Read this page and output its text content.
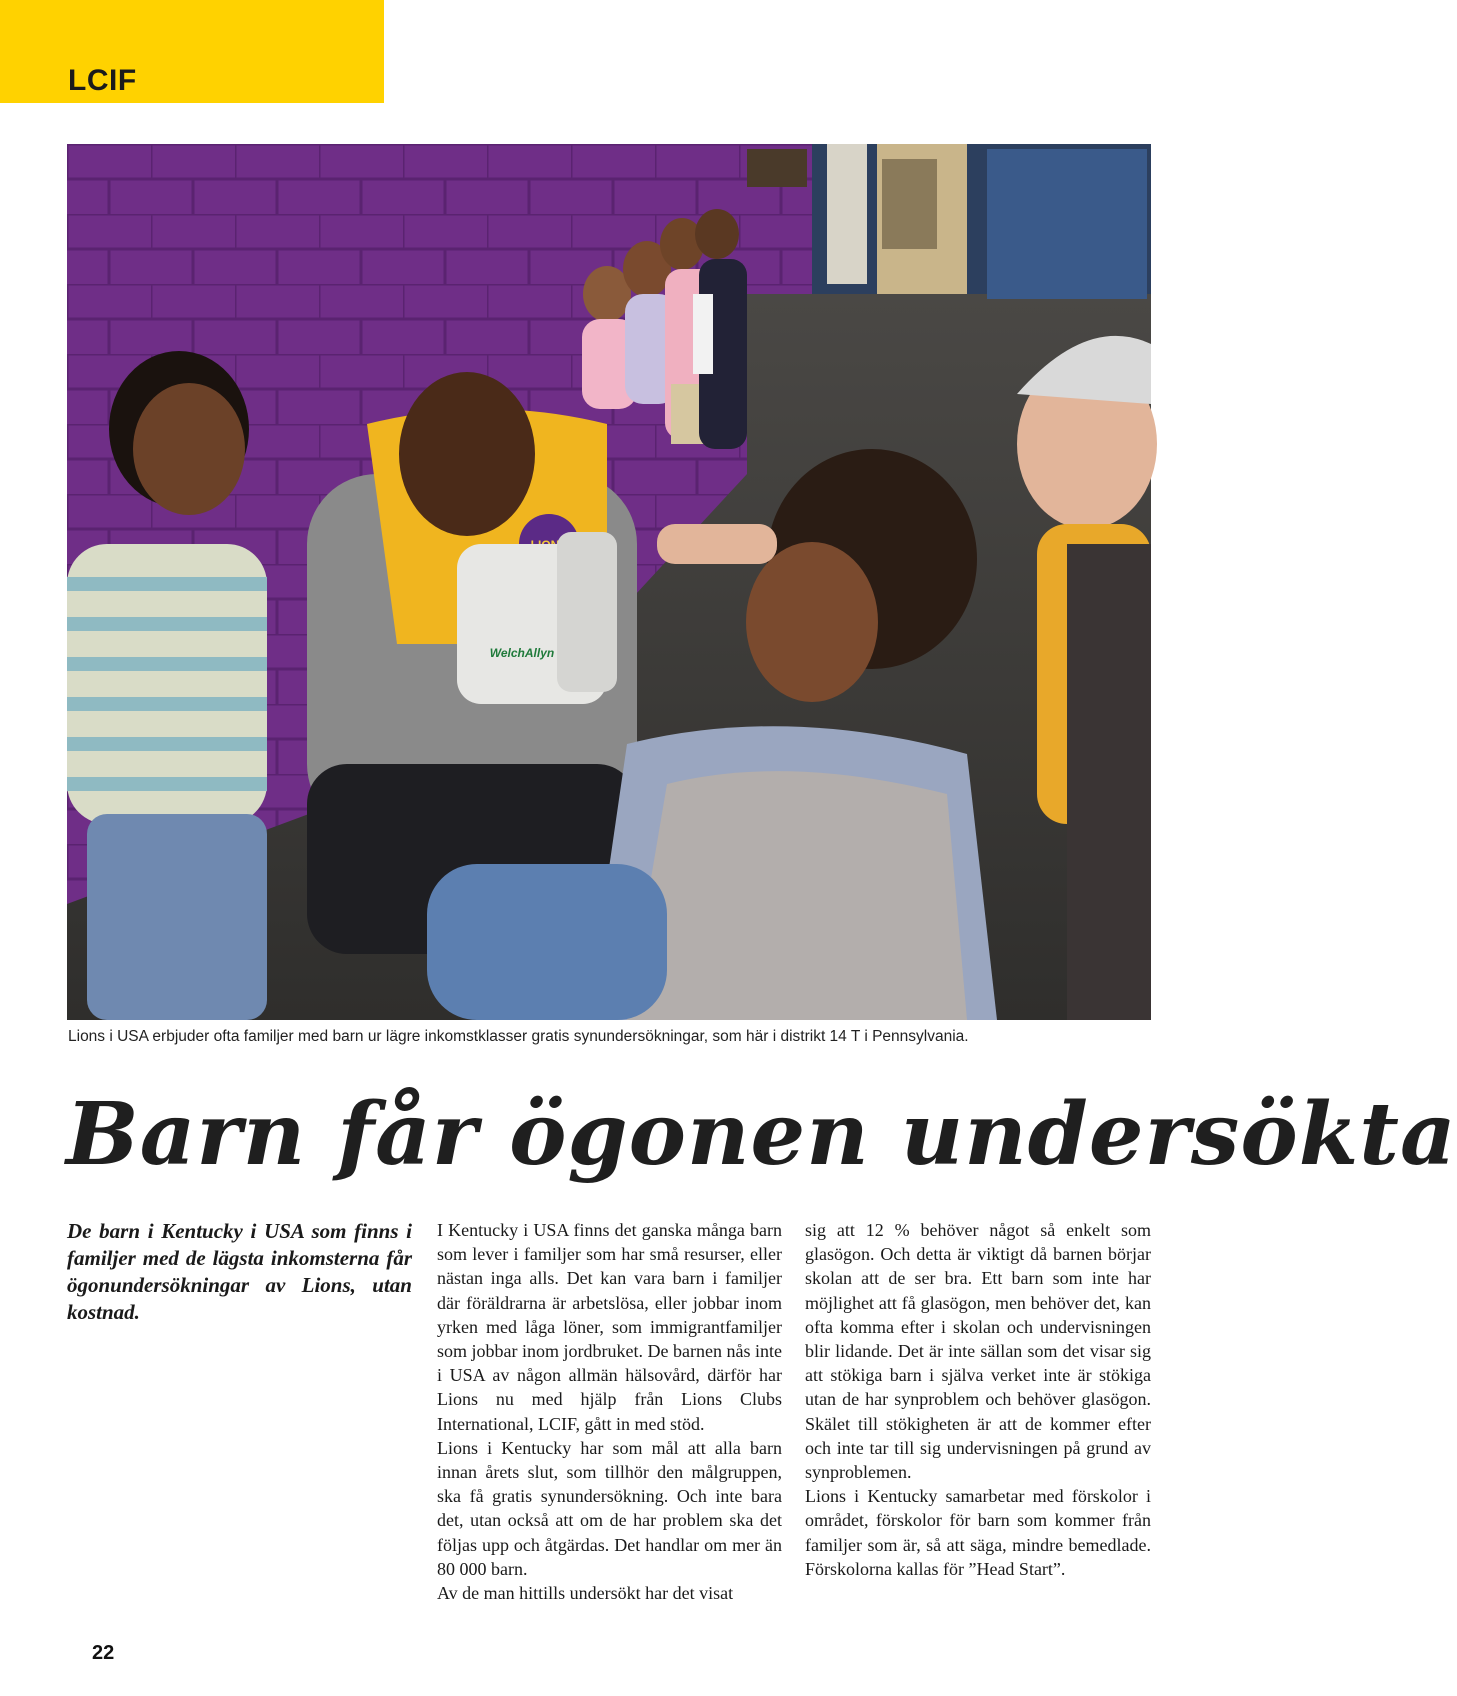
LCIF
WelchAllyn
Lions i USA erbjuder ofta familjer med barn ur lägre inkomstklasser gratis synundersökningar, som här i distrikt 14 T i Pennsylvania.
Barn får ögonen undersökta

De barn i Kentucky i USA som finns i familjer med de lägsta inkomsterna får ögonundersökningar av Lions, utan kostnad.

I Kentucky i USA finns det ganska många barn som lever i familjer som har små resurser, eller nästan inga alls. Det kan vara barn i familjer där föräldrarna är arbetslösa, eller jobbar inom yrken med låga löner, som immigrantfamiljer som jobbar inom jordbruket. De barnen nås inte i USA av någon allmän hälsovård, därför har Lions nu med hjälp från Lions Clubs International, LCIF, gått in med stöd.

Lions i Kentucky har som mål att alla barn innan årets slut, som tillhör den målgruppen, ska få gratis synundersökning. Och inte bara det, utan också att om de har problem ska det följas upp och åtgärdas. Det handlar om mer än 80 000 barn.

Av de man hittills undersökt har det visat

sig att 12 % behöver något så enkelt som glasögon. Och detta är viktigt då barnen börjar skolan att de ser bra. Ett barn som inte har möjlighet att få glasögon, men behöver det, kan ofta komma efter i skolan och undervisningen blir lidande. Det är inte sällan som det visar sig att stökiga barn i själva verket inte är stökiga utan de har synproblem och behöver glasögon. Skälet till stökigheten är att de kommer efter och inte tar till sig undervisningen på grund av synproblemen.

Lions i Kentucky samarbetar med förskolor i området, förskolor för barn som kommer från familjer som är, så att säga, mindre bemedlade. Förskolorna kallas för ”Head Start”.

22
